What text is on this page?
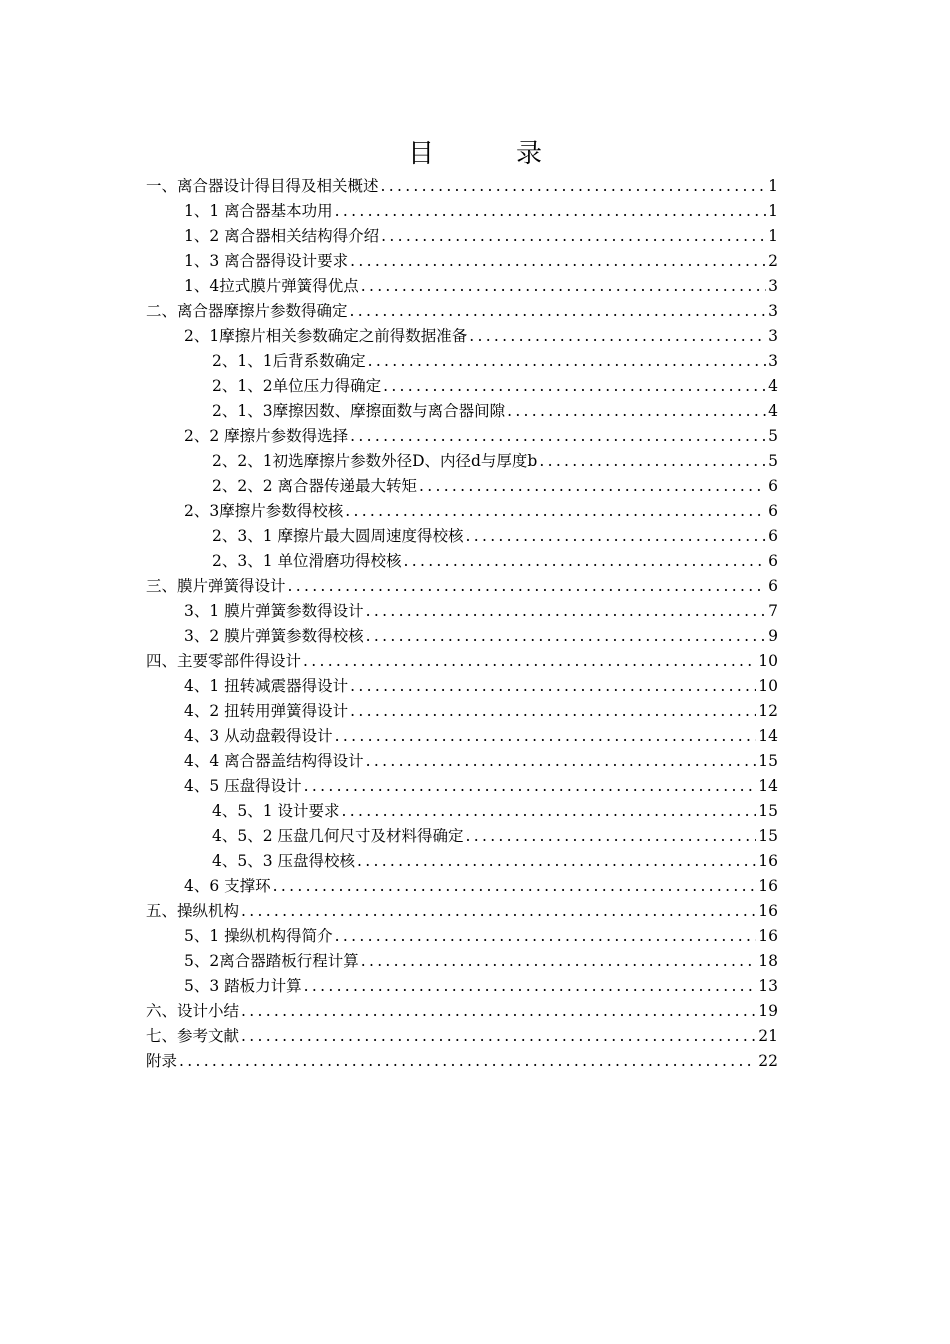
目	录
一、离合器设计得目得及相关概述 .....	1
1、1 离合器基本功用 .....	1
1、2 离合器相关结构得介绍 .....	1
1、3 离合器得设计要求 .....	2
1、4拉式膜片弹簧得优点 .....	3
二、离合器摩擦片参数得确定 .....	3
2、1摩擦片相关参数确定之前得数据准备 .....	3
2、1、1后背系数确定 .....	3
2、1、2单位压力得确定 .....	4
2、1、3摩擦因数、摩擦面数与离合器间隙 .....	4
2、2 摩擦片参数得选择 .....	5
2、2、1初选摩擦片参数外径D、内径d与厚度b .....	5
2、2、2 离合器传递最大转矩 .....	6
2、3摩擦片参数得校核 .....	6
2、3、1 摩擦片最大圆周速度得校核 .....	6
2、3、1 单位滑磨功得校核 .....	6
三、膜片弹簧得设计 .....	6
3、1 膜片弹簧参数得设计 .....	7
3、2 膜片弹簧参数得校核 .....	9
四、主要零部件得设计 .....	10
4、1 扭转减震器得设计 .....	10
4、2 扭转用弹簧得设计 .....	12
4、3 从动盘毂得设计 .....	14
4、4 离合器盖结构得设计 .....	15
4、5 压盘得设计 .....	14
4、5、1 设计要求 .....	15
4、5、2 压盘几何尺寸及材料得确定 .....	15
4、5、3 压盘得校核 .....	16
4、6 支撑环 .....	16
五、操纵机构 .....	16
5、1 操纵机构得简介 .....	16
5、2离合器踏板行程计算 .....	18
5、3 踏板力计算 .....	13
六、设计小结 .....	19
七、参考文献 .....	21
附录 .....	22
